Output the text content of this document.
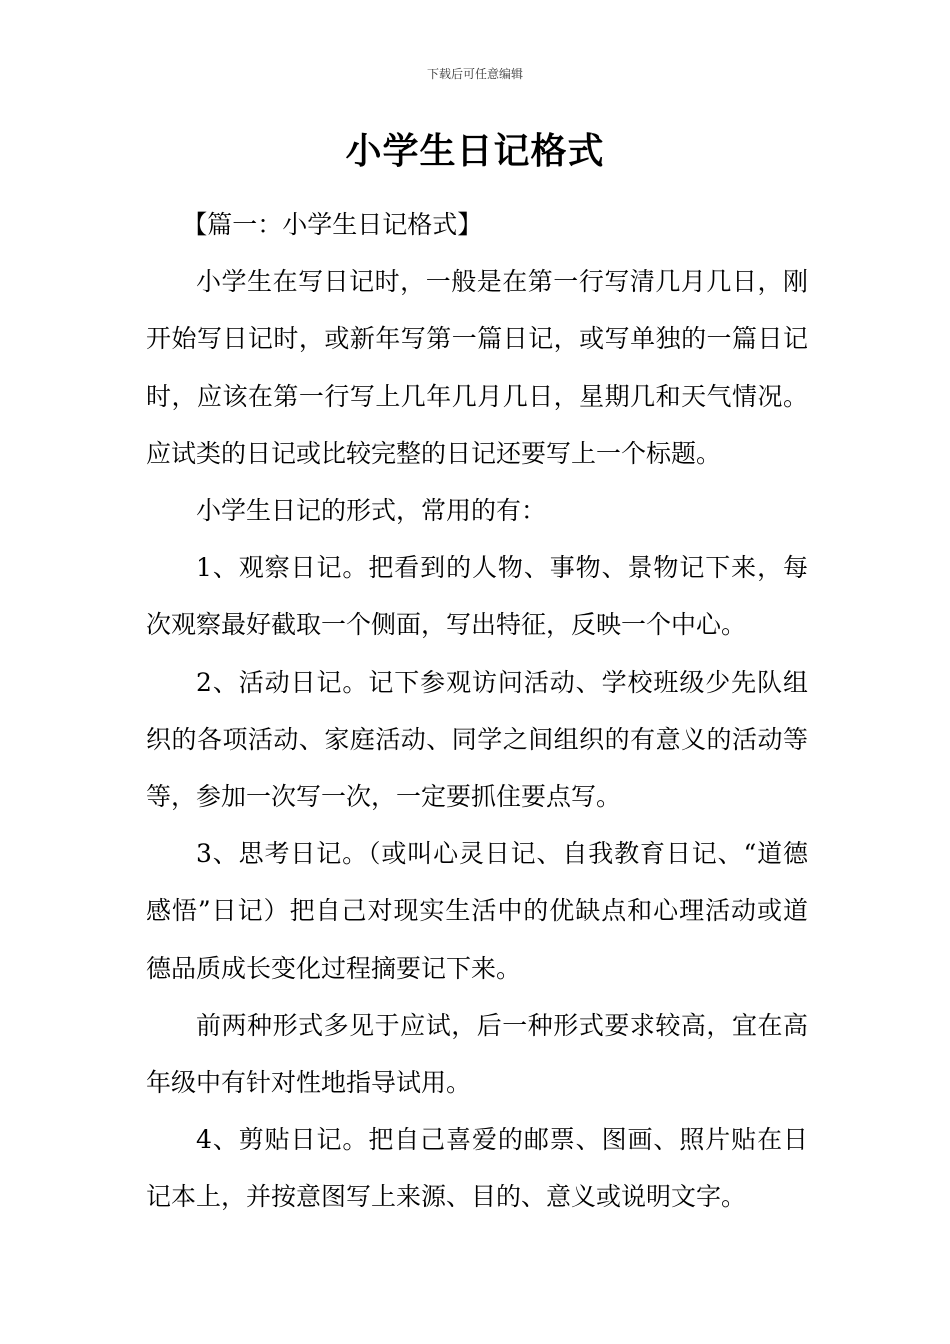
下载后可任意编辑
小学生日记格式

【篇一：小学生日记格式】

小学生在写日记时，一般是在第一行写清几月几日，刚开始写日记时，或新年写第一篇日记，或写单独的一篇日记时，应该在第一行写上几年几月几日，星期几和天气情况。应试类的日记或比较完整的日记还要写上一个标题。

小学生日记的形式，常用的有：

1、观察日记。把看到的人物、事物、景物记下来，每次观察最好截取一个侧面，写出特征，反映一个中心。

2、活动日记。记下参观访问活动、学校班级少先队组织的各项活动、家庭活动、同学之间组织的有意义的活动等等，参加一次写一次，一定要抓住要点写。

3、思考日记。（或叫心灵日记、自我教育日记、“道德感悟”日记）把自己对现实生活中的优缺点和心理活动或道德品质成长变化过程摘要记下来。

前两种形式多见于应试，后一种形式要求较高，宜在高年级中有针对性地指导试用。

4、剪贴日记。把自己喜爱的邮票、图画、照片贴在日记本上，并按意图写上来源、目的、意义或说明文字。
